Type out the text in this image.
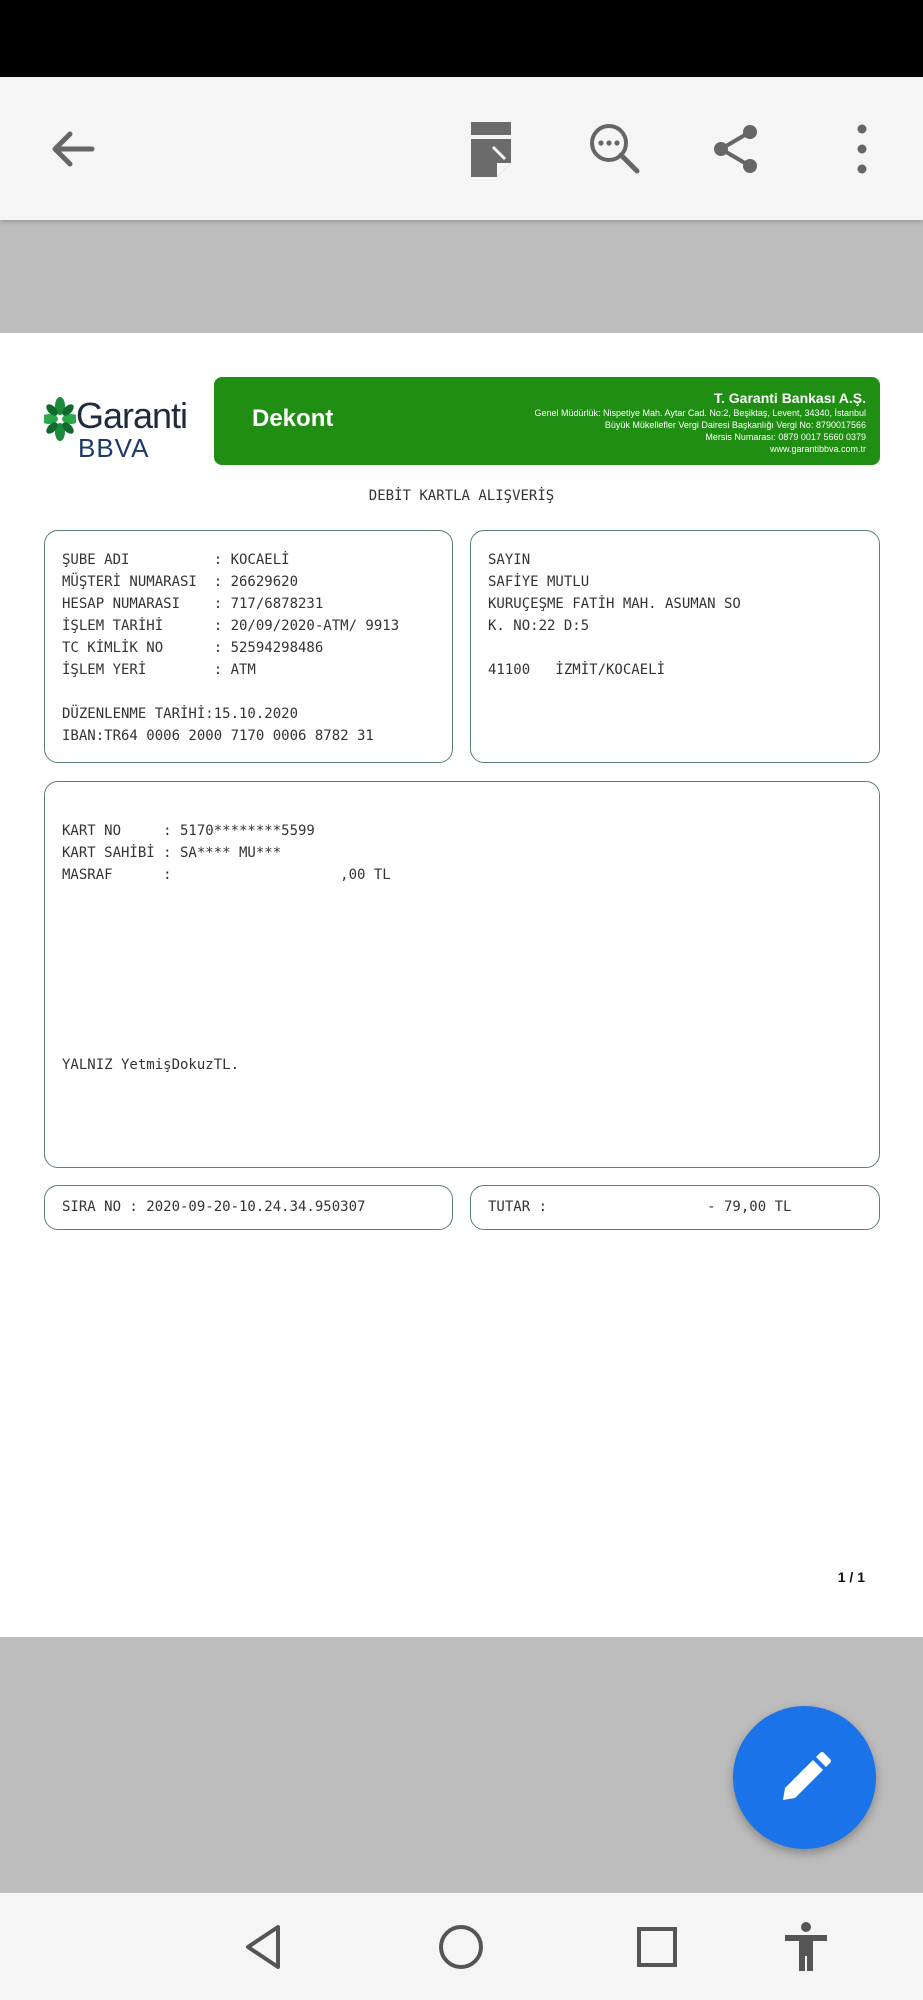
Garanti
BBVA
Dekont
T. Garanti Bankası A.Ş.
Genel Müdürlük: Nispetiye Mah. Aytar Cad. No:2, Beşiktaş, Levent, 34340, İstanbul
Büyük Mükellefler Vergi Dairesi Başkanlığı Vergi No: 8790017566
Mersis Numarası: 0879 0017 5660 0379
www.garantibbva.com.tr
DEBİT KARTLA ALIŞVERİŞ
ŞUBE ADI          : KOCAELİ
MÜŞTERİ NUMARASI  : 26629620
HESAP NUMARASI    : 717/6878231
İŞLEM TARİHİ      : 20/09/2020-ATM/ 9913
TC KİMLİK NO      : 52594298486
İŞLEM YERİ        : ATM
DÜZENLENME TARİHİ:15.10.2020
IBAN:TR64 0006 2000 7170 0006 8782 31
SAYIN
SAFİYE MUTLU
KURUÇEŞME FATİH MAH. ASUMAN SO
K. NO:22 D:5
41100   İZMİT/KOCAELİ
KART NO     : 5170********5599
KART SAHİBİ : SA**** MU***
MASRAF      :                    ,00 TL
YALNIZ YetmişDokuzTL.
SIRA NO : 2020-09-20-10.24.34.950307	TUTAR :                   - 79,00 TL
1 / 1
